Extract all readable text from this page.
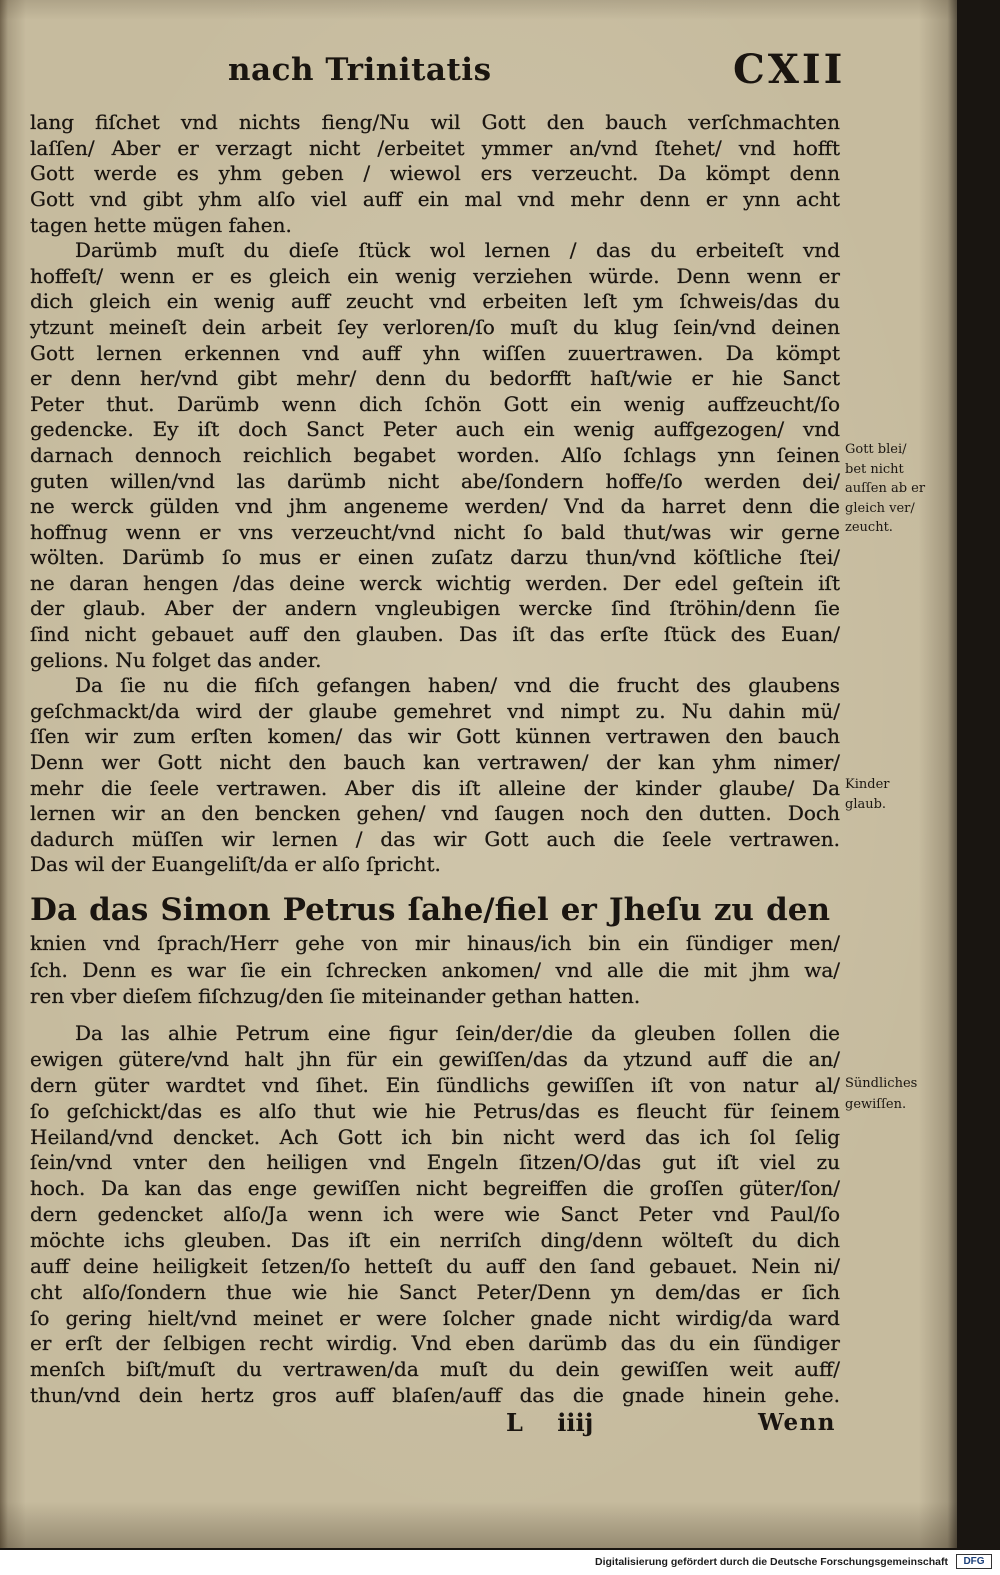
nach Trinitatis	CXII
lang fiſchet vnd nichts fieng/Nu wil Gott den bauch verſchmachten
laſſen/ Aber er verzagt nicht /erbeitet ymmer an/vnd ſtehet/ vnd hofft
Gott werde es yhm geben / wiewol ers verzeucht. Da kömpt denn
Gott vnd gibt yhm alſo viel auff ein mal vnd mehr denn er ynn acht
tagen hette mügen fahen.
Darümb muſt du dieſe ſtück wol lernen / das du erbeiteſt vnd
hoffeſt/ wenn er es gleich ein wenig verziehen würde. Denn wenn er
dich gleich ein wenig auff zeucht vnd erbeiten leſt ym ſchweis/das du
ytzunt meineſt dein arbeit ſey verloren/ſo muſt du klug ſein/vnd deinen
Gott lernen erkennen vnd auff yhn wiſſen zuuertrawen. Da kömpt
er denn her/vnd gibt mehr/ denn du bedorfft haſt/wie er hie Sanct
Peter thut. Darümb wenn dich ſchön Gott ein wenig auffzeucht/ſo
gedencke. Ey iſt doch Sanct Peter auch ein wenig auffgezogen/ vnd
darnach dennoch reichlich begabet worden. Alſo ſchlags ynn ſeinen
guten willen/vnd las darümb nicht abe/ſondern hoffe/ſo werden dei/
ne werck gülden vnd jhm angeneme werden/ Vnd da harret denn die
hoffnug wenn er vns verzeucht/vnd nicht ſo bald thut/was wir gerne
wölten. Darümb ſo mus er einen zuſatz darzu thun/vnd köſtliche ſtei/
ne daran hengen /das deine werck wichtig werden. Der edel geſtein iſt
der glaub. Aber der andern vngleubigen wercke ſind ſtröhin/denn ſie
ſind nicht gebauet auff den glauben. Das iſt das erſte ſtück des Euan/
gelions. Nu folget das ander.
Da ſie nu die fiſch gefangen haben/ vnd die frucht des glaubens
geſchmackt/da wird der glaube gemehret vnd nimpt zu. Nu dahin mü/
ſſen wir zum erſten komen/ das wir Gott künnen vertrawen den bauch
Denn wer Gott nicht den bauch kan vertrawen/ der kan yhm nimer/
mehr die ſeele vertrawen. Aber dis iſt alleine der kinder glaube/ Da
lernen wir an den bencken gehen/ vnd ſaugen noch den dutten. Doch
dadurch müſſen wir lernen / das wir Gott auch die ſeele vertrawen.
Das wil der Euangeliſt/da er alſo ſpricht.
Da das Simon Petrus ſahe/fiel er Jheſu zu den
knien vnd ſprach/Herr gehe von mir hinaus/ich bin ein ſündiger men/
ſch. Denn es war ſie ein ſchrecken ankomen/ vnd alle die mit jhm wa/
ren vber dieſem fiſchzug/den ſie miteinander gethan hatten.
Da las alhie Petrum eine figur ſein/der/die da gleuben ſollen die
ewigen gütere/vnd halt jhn für ein gewiſſen/das da ytzund auff die an/
dern güter wardtet vnd ſihet. Ein ſündlichs gewiſſen iſt von natur al/
ſo geſchickt/das es alſo thut wie hie Petrus/das es fleucht für ſeinem
Heiland/vnd dencket. Ach Gott ich bin nicht werd das ich ſol ſelig
ſein/vnd vnter den heiligen vnd Engeln ſitzen/O/das gut iſt viel zu
hoch. Da kan das enge gewiſſen nicht begreiffen die groſſen güter/ſon/
dern gedencket alſo/Ja wenn ich were wie Sanct Peter vnd Paul/ſo
möchte ichs gleuben. Das iſt ein nerriſch ding/denn wölteſt du dich
auff deine heiligkeit ſetzen/ſo hetteſt du auff den ſand gebauet. Nein ni/
cht alſo/ſondern thue wie hie Sanct Peter/Denn yn dem/das er ſich
ſo gering hielt/vnd meinet er were ſolcher gnade nicht wirdig/da ward
er erſt der ſelbigen recht wirdig. Vnd eben darümb das du ein ſündiger
menſch biſt/muſt du vertrawen/da muſt du dein gewiſſen weit auff/
thun/vnd dein hertz gros auff blaſen/auff das die gnade hinein gehe.
Gott blei/
bet nicht
auſſen ab er
gleich ver/
zeucht.
Kinder
glaub.
Sündliches
gewiſſen.
L iiij	Wenn
Digitalisierung gefördert durch die Deutsche Forschungsgemeinschaft	DFG
